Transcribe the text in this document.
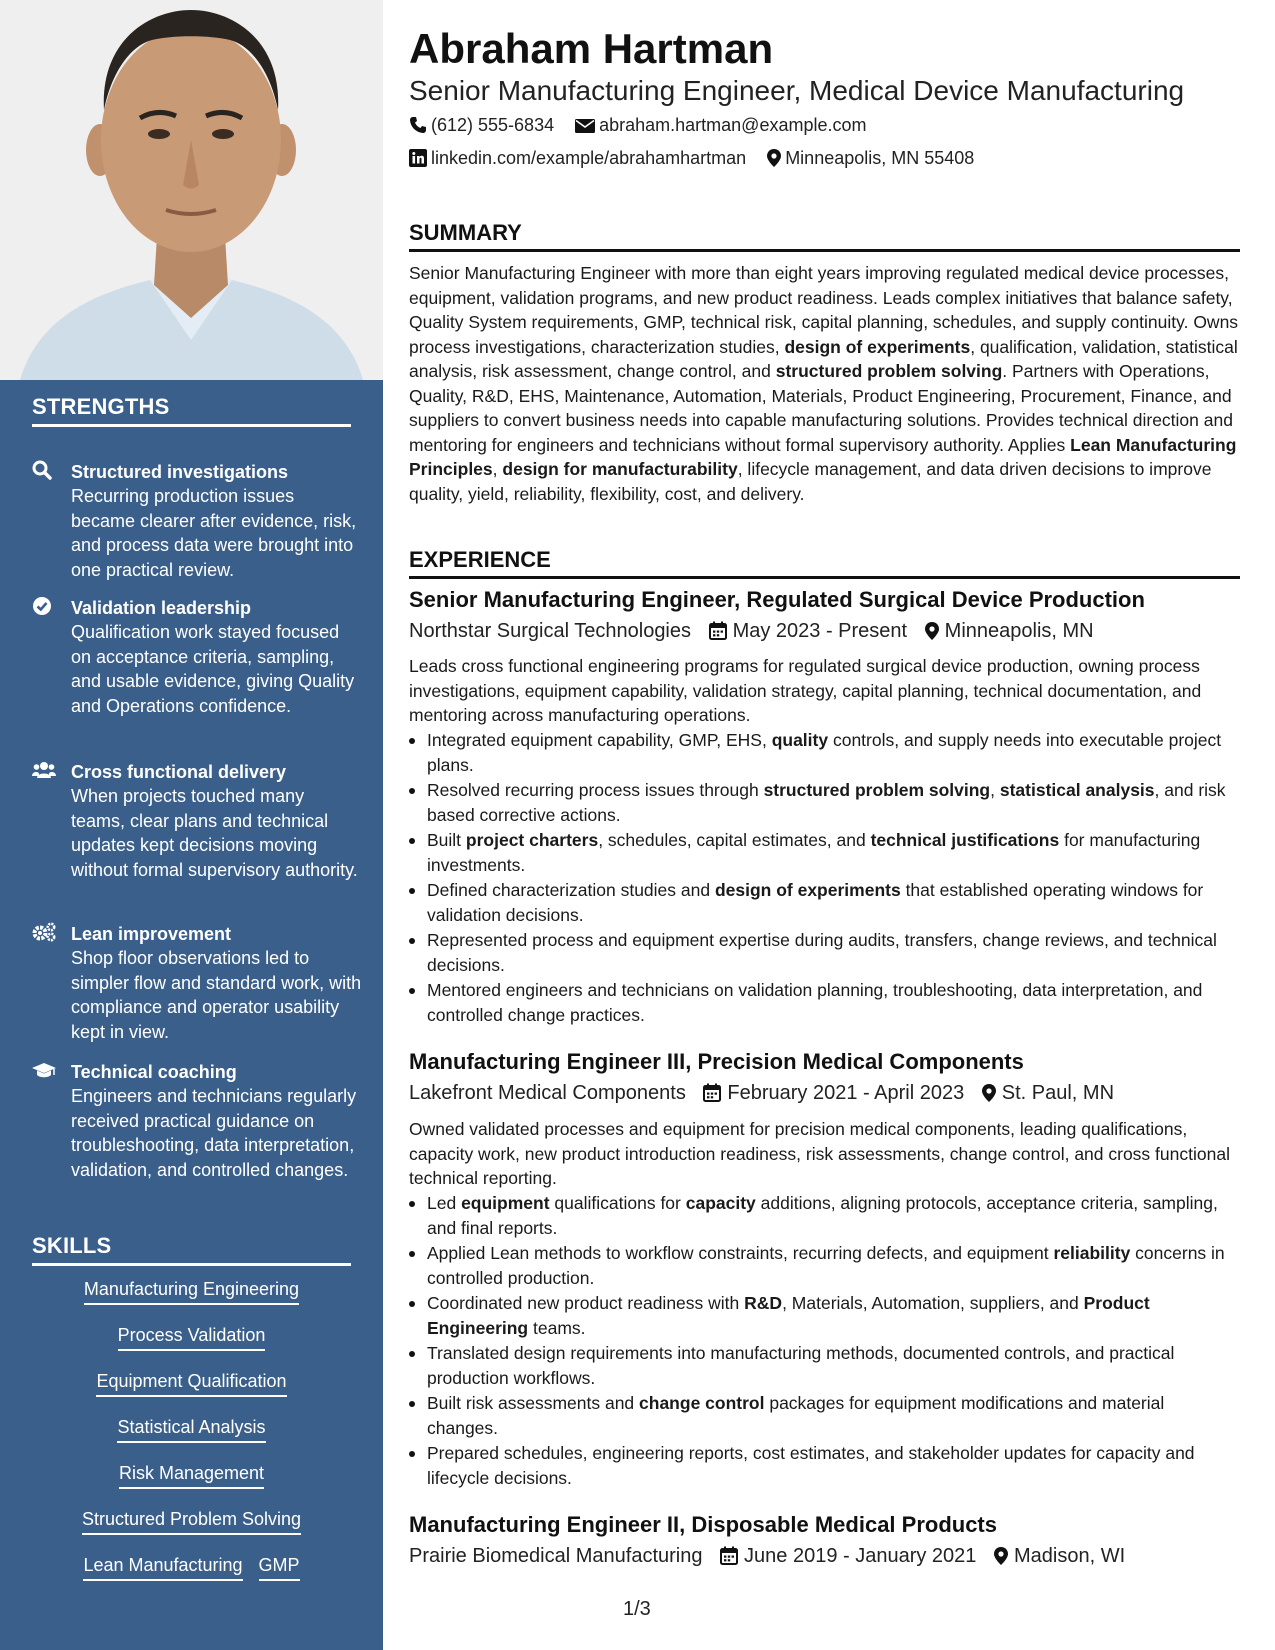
STRENGTHS
Structured investigations
Recurring production issues became clearer after evidence, risk, and process data were brought into one practical review.
Validation leadership
Qualification work stayed focused on acceptance criteria, sampling, and usable evidence, giving Quality and Operations confidence.
Cross functional delivery
When projects touched many teams, clear plans and technical updates kept decisions moving without formal supervisory authority.
Lean improvement
Shop floor observations led to simpler flow and standard work, with compliance and operator usability kept in view.
Technical coaching
Engineers and technicians regularly received practical guidance on troubleshooting, data interpretation, validation, and controlled changes.
SKILLS
Manufacturing Engineering
Process Validation
Equipment Qualification
Statistical Analysis
Risk Management
Structured Problem Solving
Lean Manufacturing GMP
Abraham Hartman
Senior Manufacturing Engineer, Medical Device Manufacturing
(612) 555-6834	abraham.hartman@example.com
linkedin.com/example/abrahamhartman Minneapolis, MN 55408
SUMMARY
Senior Manufacturing Engineer with more than eight years improving regulated medical device processes, equipment, validation programs, and new product readiness. Leads complex initiatives that balance safety, Quality System requirements, GMP, technical risk, capital planning, schedules, and supply continuity. Owns process investigations, characterization studies, design of experiments, qualification, validation, statistical analysis, risk assessment, change control, and structured problem solving. Partners with Operations, Quality, R&D, EHS, Maintenance, Automation, Materials, Product Engineering, Procurement, Finance, and suppliers to convert business needs into capable manufacturing solutions. Provides technical direction and mentoring for engineers and technicians without formal supervisory authority. Applies Lean Manufacturing Principles, design for manufacturability, lifecycle management, and data driven decisions to improve quality, yield, reliability, flexibility, cost, and delivery.
EXPERIENCE
Senior Manufacturing Engineer, Regulated Surgical Device Production
Northstar Surgical Technologies May 2023 - Present Minneapolis, MN
Leads cross functional engineering programs for regulated surgical device production, owning process investigations, equipment capability, validation strategy, capital planning, technical documentation, and mentoring across manufacturing operations.
Integrated equipment capability, GMP, EHS, quality controls, and supply needs into executable project plans.
Resolved recurring process issues through structured problem solving, statistical analysis, and risk based corrective actions.
Built project charters, schedules, capital estimates, and technical justifications for manufacturing investments.
Defined characterization studies and design of experiments that established operating windows for validation decisions.
Represented process and equipment expertise during audits, transfers, change reviews, and technical decisions.
Mentored engineers and technicians on validation planning, troubleshooting, data interpretation, and controlled change practices.
Manufacturing Engineer III, Precision Medical Components
Lakefront Medical Components February 2021 - April 2023 St. Paul, MN
Owned validated processes and equipment for precision medical components, leading qualifications, capacity work, new product introduction readiness, risk assessments, change control, and cross functional technical reporting.
Led equipment qualifications for capacity additions, aligning protocols, acceptance criteria, sampling, and final reports.
Applied Lean methods to workflow constraints, recurring defects, and equipment reliability concerns in controlled production.
Coordinated new product readiness with R&D, Materials, Automation, suppliers, and Product Engineering teams.
Translated design requirements into manufacturing methods, documented controls, and practical production workflows.
Built risk assessments and change control packages for equipment modifications and material changes.
Prepared schedules, engineering reports, cost estimates, and stakeholder updates for capacity and lifecycle decisions.
Manufacturing Engineer II, Disposable Medical Products
Prairie Biomedical Manufacturing June 2019 - January 2021 Madison, WI
1/3
